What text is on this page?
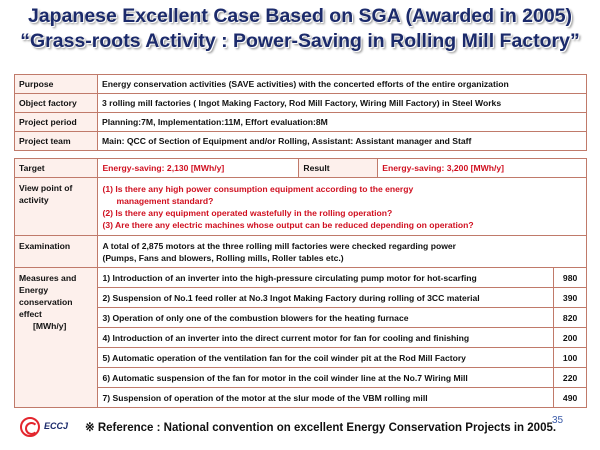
Japanese Excellent Case Based on SGA (Awarded in 2005)
“Grass-roots Activity : Power-Saving in Rolling Mill Factory”
Purpose	Energy conservation activities (SAVE activities) with the concerted efforts of the entire organization
Object factory	3 rolling mill factories ( Ingot Making Factory, Rod Mill Factory, Wiring Mill Factory) in Steel Works
Project period	Planning:7M, Implementation:11M, Effort evaluation:8M
Project team	Main: QCC of Section of Equipment and/or Rolling, Assistant: Assistant manager and Staff
Target	Energy-saving: 2,130 [MWh/y]	Result	Energy-saving: 3,200 [MWh/y]	
View point of activity	(1) Is there any high power consumption equipment according to the energy
management standard?
(2) Is there any equipment operated wastefully in the rolling operation?
(3) Are there any electric machines whose output can be reduced depending on operation?			

Examination	A total of 2,875 motors at the three rolling mill factories were checked regarding power
(Pumps, Fans and blowers, Rolling mills, Roller tables etc.)			

Measures and
Energy
conservation
effect
[MWh/y]	1) Introduction of an inverter into the high-pressure circulating pump motor for hot-scarfing			980
	2) Suspension of No.1 feed roller at No.3 Ingot Making Factory during rolling of 3CC material			390
	3) Operation of only one of the combustion blowers for the heating furnace			820
	4) Introduction of an inverter into the direct current motor for fan for cooling and finishing			200
	5) Automatic operation of the ventilation fan for the coil winder pit at the Rod Mill Factory			100
	6) Automatic suspension of the fan for motor in the coil winder line at the No.7 Wiring Mill			220
	7) Suspension of operation of the motor at the slur mode of the VBM rolling mill			490
ECCJ ※ Reference : National convention on excellent Energy Conservation Projects in 2005.
35
